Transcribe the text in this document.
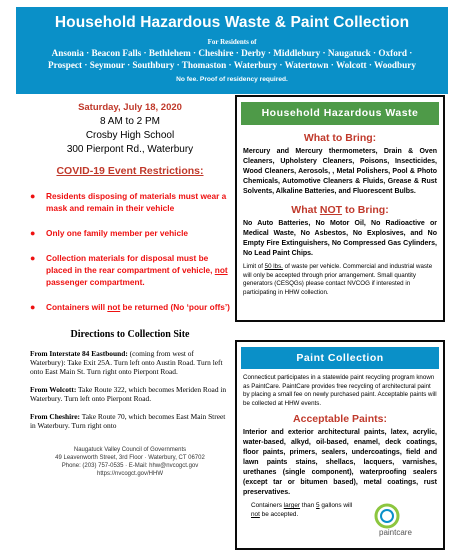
Household Hazardous Waste & Paint Collection
For Residents of
Ansonia · Beacon Falls · Bethlehem · Cheshire · Derby · Middlebury · Naugatuck · Oxford ·
Prospect · Seymour · Southbury · Thomaston · Waterbury · Watertown · Wolcott · Woodbury
No fee. Proof of residency required.
Saturday, July 18, 2020
8 AM to 2 PM
Crosby High School
300 Pierpont Rd., Waterbury
COVID-19 Event Restrictions:
●	Residents disposing of materials must wear a mask and remain in their vehicle
●	Only one family member per vehicle
●	Collection materials for disposal must be placed in the rear compartment of vehicle, not passenger compartment.
●	Containers will not be returned (No ‘pour offs’)
Directions to Collection Site
From Interstate 84 Eastbound: (coming from west of Waterbury): Take Exit 25A. Turn left onto Austin Road. Turn left onto East Main St. Turn right onto Pierpont Road.
From Wolcott: Take Route 322, which becomes Meriden Road in Waterbury. Turn left onto Pierpont Road.
From Cheshire: Take Route 70, which becomes East Main Street in Waterbury. Turn right onto
Naugatuck Valley Council of Governments
49 Leavenworth Street, 3rd Floor · Waterbury, CT 06702
Phone: (203) 757-0535 · E-Mail: hhw@nvcogct.gov
https://nvcogct.gov/HHW
Household Hazardous Waste
What to Bring:
Mercury and Mercury thermometers, Drain & Oven Cleaners, Upholstery Cleaners, Poisons, Insecticides, Wood Cleaners, Aerosols, , Metal Polishers, Pool & Photo Chemicals, Automotive Cleaners & Fluids, Grease & Rust Solvents, Alkaline Batteries, and Fluorescent Bulbs.
What NOT to Bring:
No Auto Batteries, No Motor Oil, No Radioactive or Medical Waste, No Asbestos, No Explosives, and No Empty Fire Extinguishers, No Compressed Gas Cylinders, No Lead Paint Chips.
Limit of 50 lbs. of waste per vehicle. Commercial and industrial waste will only be accepted through prior arrangement. Small quantity generators (CESQGs) please contact NVCOG if interested in participating in HHW collection.
Paint Collection
Connecticut participates in a statewide paint recycling program known as PaintCare. PaintCare provides free recycling of architectural paint by placing a small fee on newly purchased paint. Acceptable paints will be collected at HHW events.
Acceptable Paints:
Interior and exterior architectural paints, latex, acrylic, water-based, alkyd, oil-based, enamel, deck coatings, floor paints, primers, sealers, undercoatings, field and lawn paints stains, shellacs, lacquers, varnishes, urethanes (single component), waterproofing sealers (except tar or bitumen based), metal coatings, rust preservatives.
Containers larger than 5 gallons will not be accepted.
paintcare
